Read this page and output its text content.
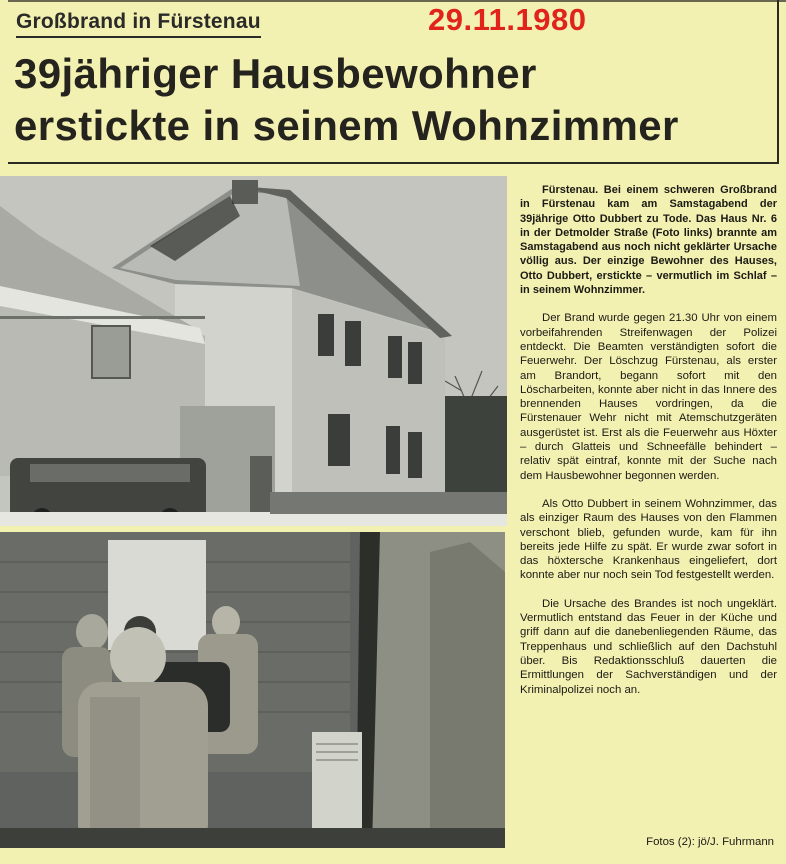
Großbrand in Fürstenau	29.11.1980
39jähriger Hausbewohner
erstickte in seinem Wohnzimmer

Fürstenau. Bei einem schweren Großbrand in Fürstenau kam am Samstagabend der 39jährige Otto Dubbert zu Tode. Das Haus Nr. 6 in der Detmolder Straße (Foto links) brannte am Samstagabend aus noch nicht geklärter Ursache völlig aus. Der einzige Bewohner des Hauses, Otto Dubbert, erstickte – vermutlich im Schlaf – in seinem Wohnzimmer.

Der Brand wurde gegen 21.30 Uhr von einem vorbeifahrenden Streifenwagen der Polizei entdeckt. Die Beamten verständigten sofort die Feuerwehr. Der Löschzug Fürstenau, als erster am Brandort, begann sofort mit den Löscharbeiten, konnte aber nicht in das Innere des brennenden Hauses vordringen, da die Fürstenauer Wehr nicht mit Atemschutzgeräten ausgerüstet ist. Erst als die Feuerwehr aus Höxter – durch Glatteis und Schneefälle behindert – relativ spät eintraf, konnte mit der Suche nach dem Hausbewohner begonnen werden.

Als Otto Dubbert in seinem Wohnzimmer, das als einziger Raum des Hauses von den Flammen verschont blieb, gefunden wurde, kam für ihn bereits jede Hilfe zu spät. Er wurde zwar sofort in das höxtersche Krankenhaus eingeliefert, dort konnte aber nur noch sein Tod festgestellt werden.

Die Ursache des Brandes ist noch ungeklärt. Vermutlich entstand das Feuer in der Küche und griff dann auf die danebenliegenden Räume, das Treppenhaus und schließlich auf den Dachstuhl über. Bis Redaktionsschluß dauerten die Ermittlungen der Sachverständigen und der Kriminalpolizei noch an.

Fotos (2): jö/J. Fuhrmann
